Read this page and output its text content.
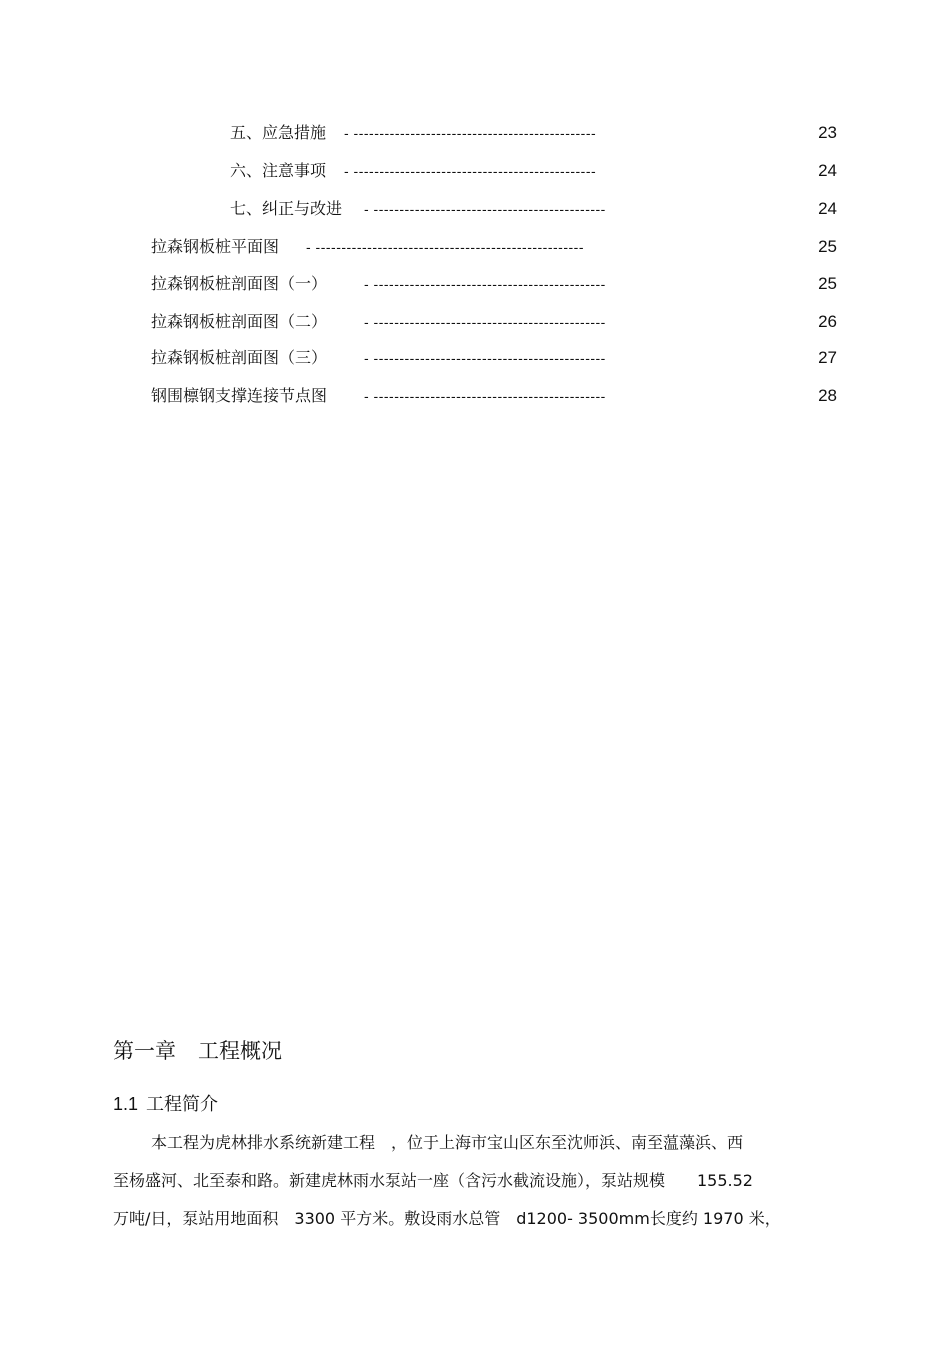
五、应急措施 - -----------------------------------------------	23
六、注意事项 - -----------------------------------------------	24
七、纠正与改进 - ---------------------------------------------	24
拉森钢板桩平面图 - ----------------------------------------------------	25
拉森钢板桩剖面图（一）	- ---------------------------------------------	25
拉森钢板桩剖面图（二）	- ---------------------------------------------	26
拉森钢板桩剖面图（三）	- ---------------------------------------------	27
钢围檩钢支撑连接节点图	- ---------------------------------------------	28
第一章 工程概况
1.1 工程简介
本工程为虎林排水系统新建工程　，位于上海市宝山区东至沈师浜、南至蕰藻浜、西
至杨盛河、北至泰和路。新建虎林雨水泵站一座（含污水截流设施），泵站规模　　155.52
万吨/日，泵站用地面积　3300 平方米。敷设雨水总管　d1200- 3500mm长度约 1970 米，
